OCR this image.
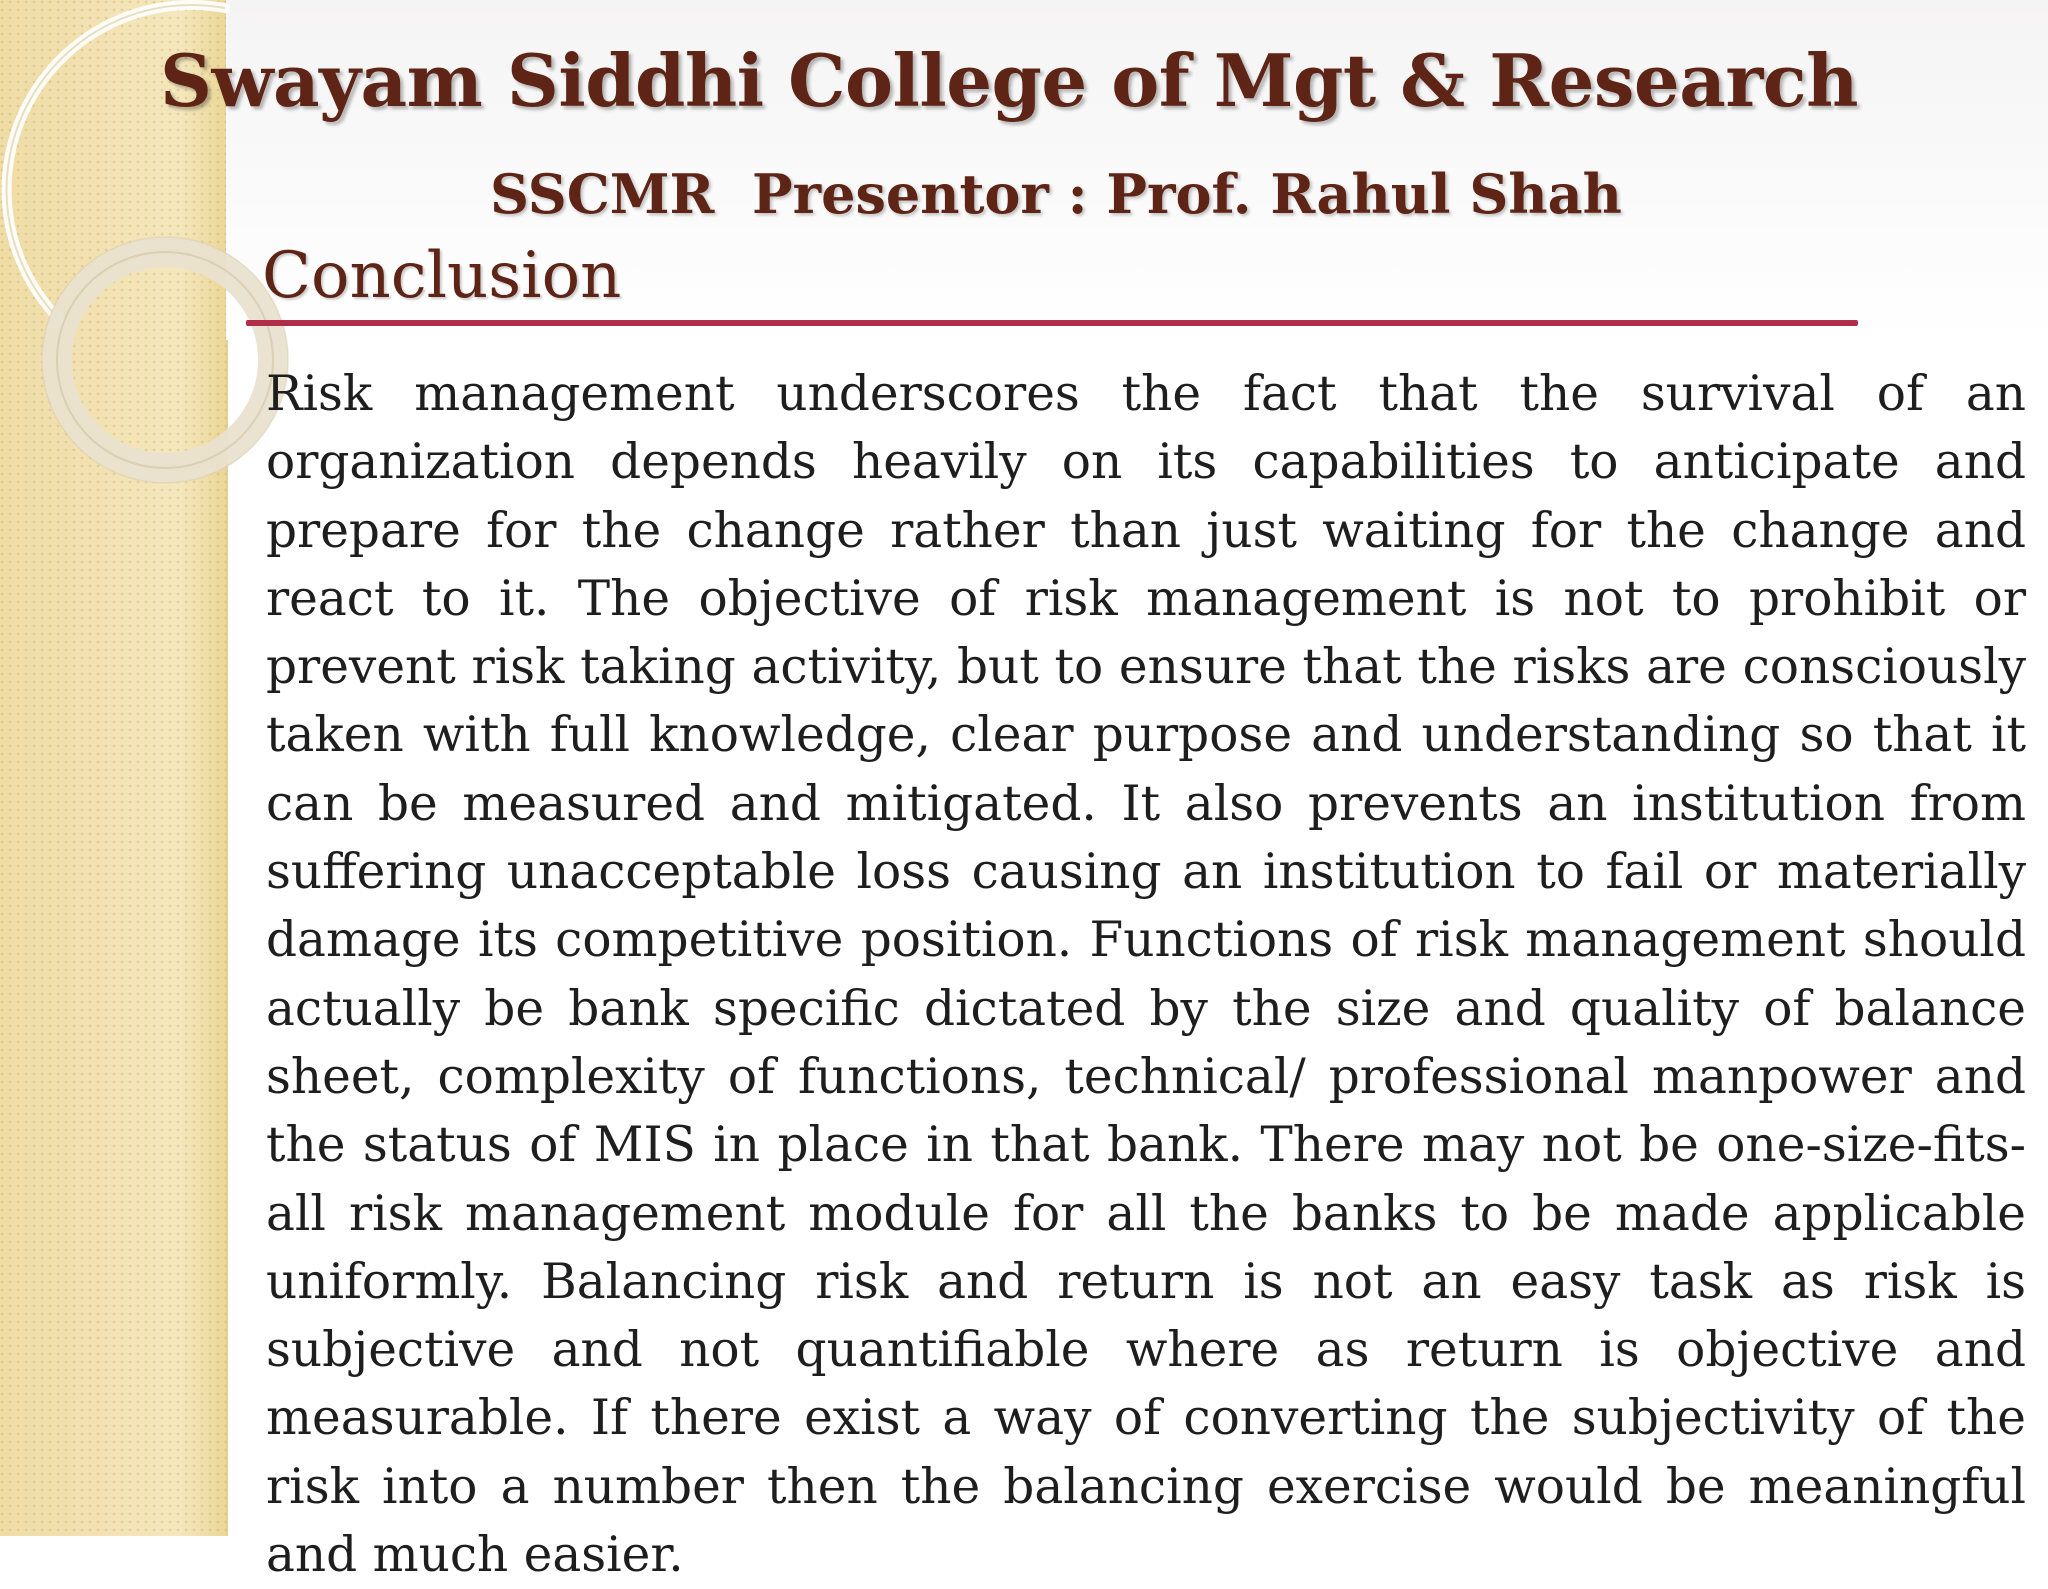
Swayam Siddhi College of Mgt & Research
SSCMR  Presentor : Prof. Rahul Shah
Conclusion

Risk management underscores the fact that the survival of an organization depends heavily on its capabilities to anticipate and prepare for the change rather than just waiting for the change and react to it. The objective of risk management is not to prohibit or prevent risk taking activity, but to ensure that the risks are consciously taken with full knowledge, clear purpose and understanding so that it can be measured and mitigated. It also prevents an institution from suffering unacceptable loss causing an institution to fail or materially damage its competitive position. Functions of risk management should actually be bank specific dictated by the size and quality of balance sheet, complexity of functions, technical/ professional manpower and the status of MIS in place in that bank. There may not be one-size-fits-all risk management module for all the banks to be made applicable uniformly. Balancing risk and return is not an easy task as risk is subjective and not quantifiable where as return is objective and measurable. If there exist a way of converting the subjectivity of the risk into a number then the balancing exercise would be meaningful and much easier.
